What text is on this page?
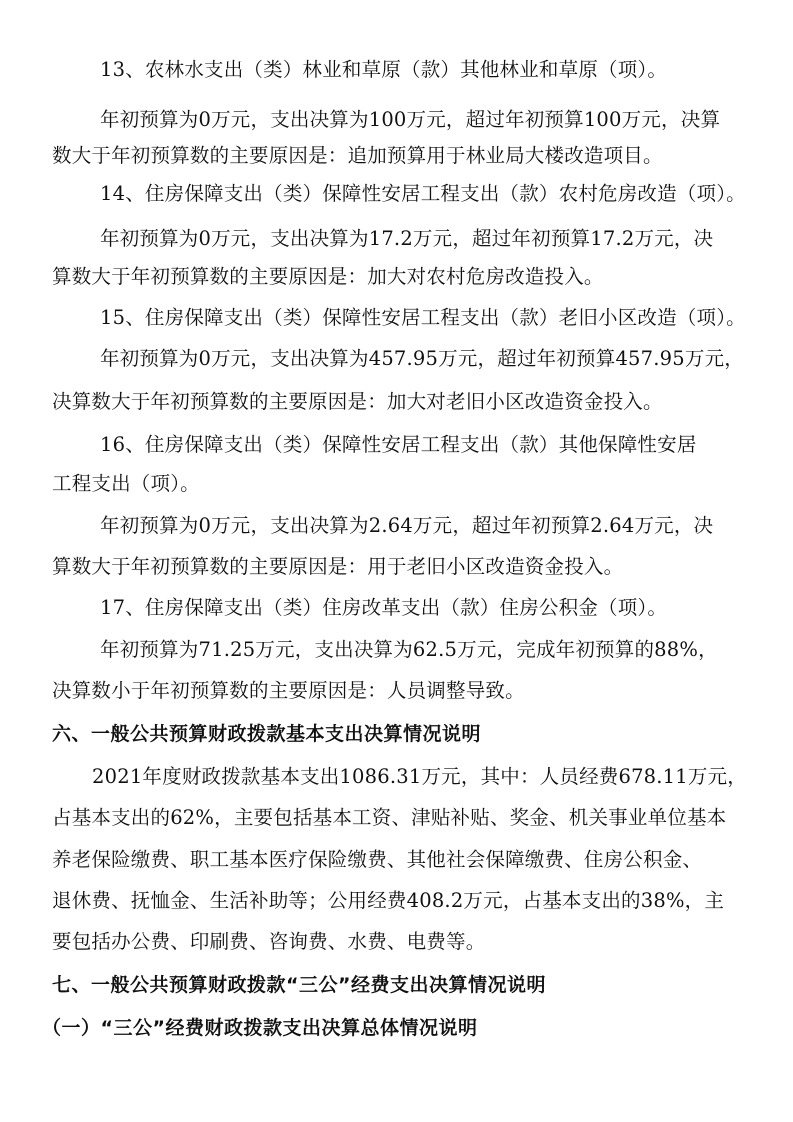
13、农林水支出（类）林业和草原（款）其他林业和草原（项）。
年初预算为0万元，支出决算为100万元，超过年初预算100万元，决算
数大于年初预算数的主要原因是：追加预算用于林业局大楼改造项目。
14、住房保障支出（类）保障性安居工程支出（款）农村危房改造（项）。
年初预算为0万元，支出决算为17.2万元，超过年初预算17.2万元，决
算数大于年初预算数的主要原因是：加大对农村危房改造投入。
15、住房保障支出（类）保障性安居工程支出（款）老旧小区改造（项）。
年初预算为0万元，支出决算为457.95万元，超过年初预算457.95万元，
决算数大于年初预算数的主要原因是：加大对老旧小区改造资金投入。
16、住房保障支出（类）保障性安居工程支出（款）其他保障性安居
工程支出（项）。
年初预算为0万元，支出决算为2.64万元，超过年初预算2.64万元，决
算数大于年初预算数的主要原因是：用于老旧小区改造资金投入。
17、住房保障支出（类）住房改革支出（款）住房公积金（项）。
年初预算为71.25万元，支出决算为62.5万元，完成年初预算的88%，
决算数小于年初预算数的主要原因是：人员调整导致。
六、一般公共预算财政拨款基本支出决算情况说明
2021年度财政拨款基本支出1086.31万元，其中：人员经费678.11万元，
占基本支出的62%，主要包括基本工资、津贴补贴、奖金、机关事业单位基本
养老保险缴费、职工基本医疗保险缴费、其他社会保障缴费、住房公积金、
退休费、抚恤金、生活补助等；公用经费408.2万元，占基本支出的38%，主
要包括办公费、印刷费、咨询费、水费、电费等。
七、一般公共预算财政拨款“三公”经费支出决算情况说明
（一）“三公”经费财政拨款支出决算总体情况说明
